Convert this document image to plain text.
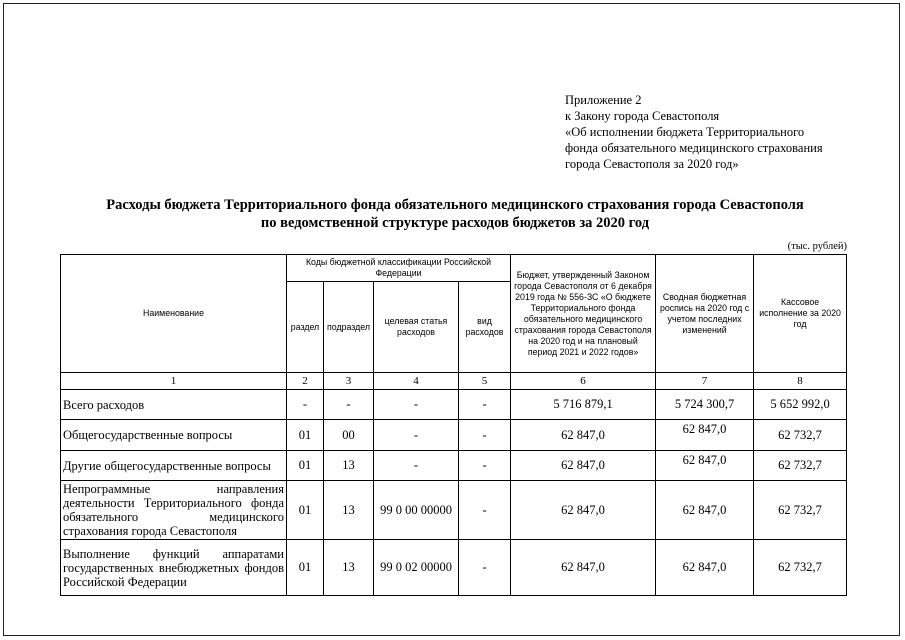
Приложение 2
к Закону города Севастополя
«Об исполнении бюджета Территориального
фонда обязательного медицинского страхования
города Севастополя за 2020 год»
Расходы бюджета Территориального фонда обязательного медицинского страхования города Севастополя
по ведомственной структуре расходов бюджетов за 2020 год
(тыс. рублей)
Наименование	Коды бюджетной классификации Российской Федерации				Бюджет, утвержденный Законом города Севастополя от 6 декабря 2019 года № 556-ЗС «О бюджете Территориального фонда обязательного медицинского страхования города Севастополя на 2020 год и на плановый период 2021 и 2022 годов»	Сводная бюджетная роспись на 2020 год с учетом последних изменений	Кассовое исполнение за 2020 год
	раздел	подраздел	целевая статья расходов	вид расходов			
1	2	3	4	5	6	7	8
Всего расходов	-	-	-	-	5 716 879,1	5 724 300,7	5 652 992,0
Общегосударственные вопросы	01	00	-	-	62 847,0	62 847,0	62 732,7
Другие общегосударственные вопросы	01	13	-	-	62 847,0	62 847,0	62 732,7
Непрограммные направления деятельности Территориального фонда обязательного медицинского страхования города Севастополя	01	13	99 0 00 00000	-	62 847,0	62 847,0	62 732,7
Выполнение функций аппаратами государственных внебюджетных фондов Российской Федерации	01	13	99 0 02 00000	-	62 847,0	62 847,0	62 732,7
